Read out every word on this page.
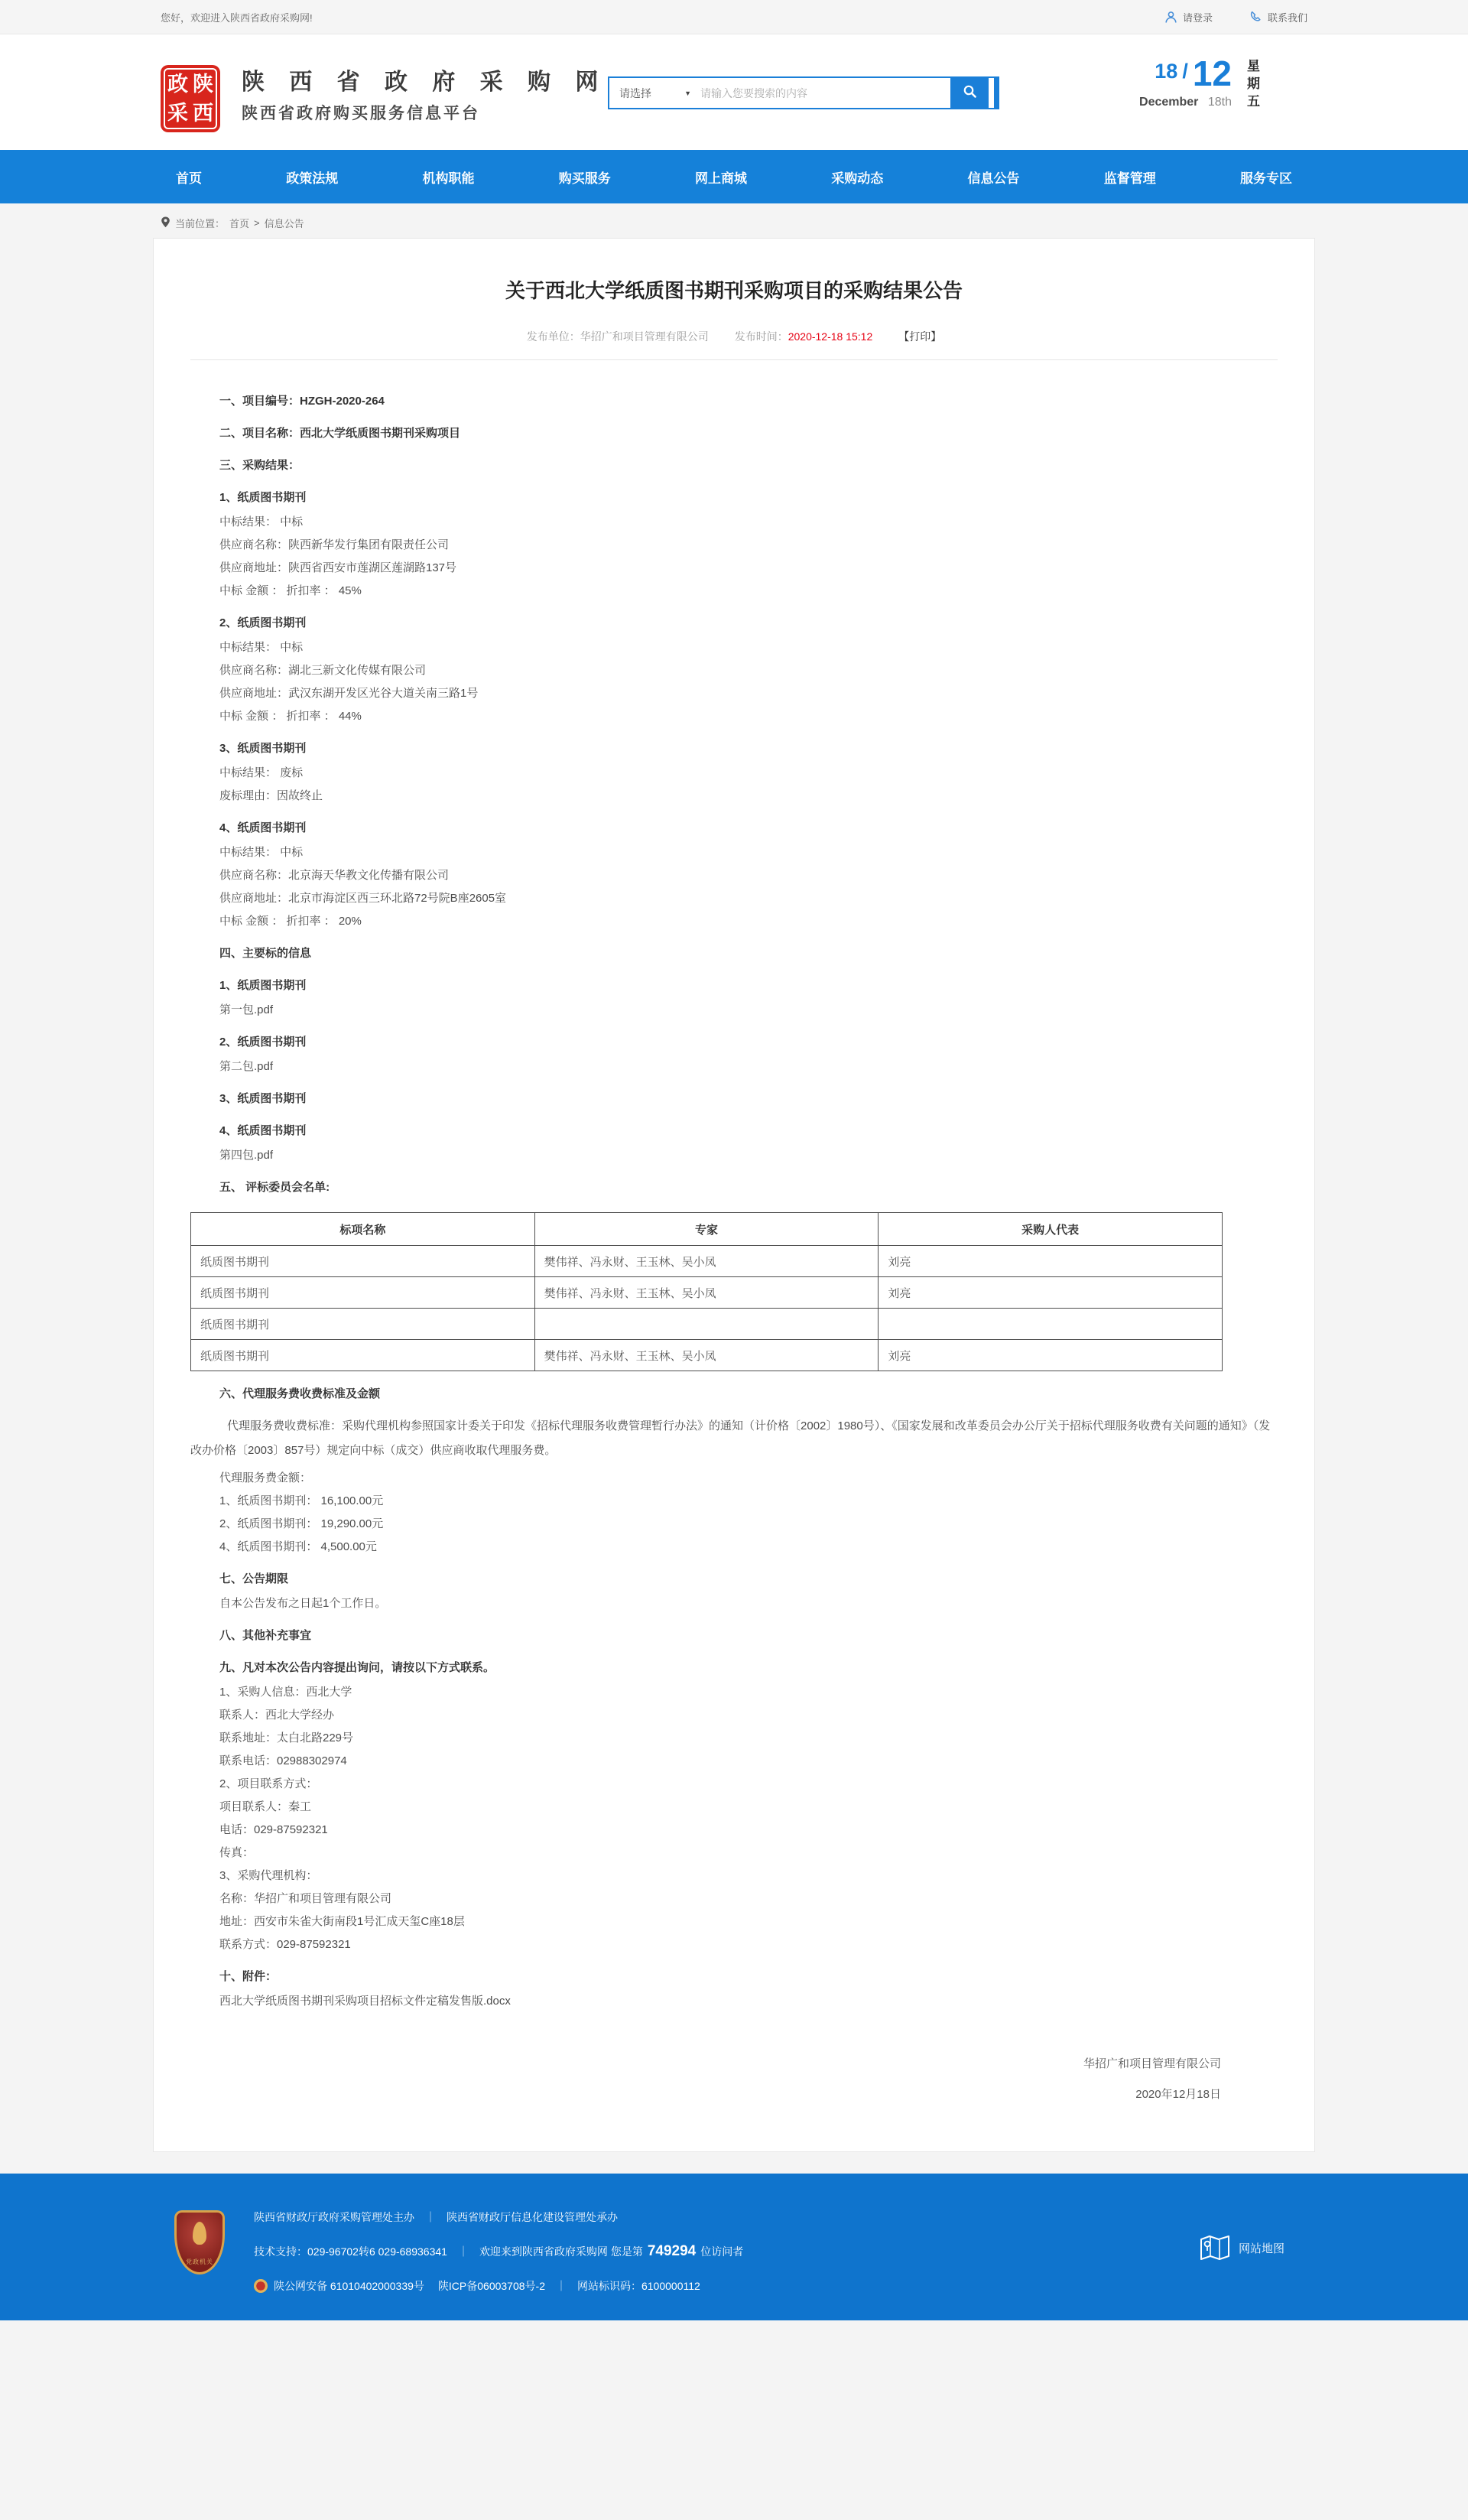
您好，欢迎进入陕西省政府采购网!	请登录	联系我们
政 陕
采 西
陕 西 省 政 府 采 购 网
陕西省政府购买服务信息平台
请选择	▼
请输入您要搜索的内容
18 / 12
December 18th
星
期
五
首页	政策法规	机构职能	购买服务	网上商城	采购动态	信息公告	监督管理	服务专区
当前位置： 首页 > 信息公告
关于西北大学纸质图书期刊采购项目的采购结果公告
发布单位：华招广和项目管理有限公司 发布时间：2020-12-18 15:12 【打印】
一、项目编号：HZGH-2020-264
二、项目名称：西北大学纸质图书期刊采购项目
三、采购结果：
1、纸质图书期刊
中标结果： 中标
供应商名称：陕西新华发行集团有限责任公司
供应商地址：陕西省西安市莲湖区莲湖路137号
中标 金额 ： 折扣率 ： 45%
2、纸质图书期刊
中标结果： 中标
供应商名称：湖北三新文化传媒有限公司
供应商地址：武汉东湖开发区光谷大道关南三路1号
中标 金额 ： 折扣率 ： 44%
3、纸质图书期刊
中标结果： 废标
废标理由：因故终止
4、纸质图书期刊
中标结果： 中标
供应商名称：北京海天华教文化传播有限公司
供应商地址：北京市海淀区西三环北路72号院B座2605室
中标 金额 ： 折扣率 ： 20%
四、主要标的信息
1、纸质图书期刊
第一包.pdf
2、纸质图书期刊
第二包.pdf
3、纸质图书期刊
4、纸质图书期刊
第四包.pdf
五、 评标委员会名单:
标项名称	专家	采购人代表
纸质图书期刊	樊伟祥、冯永财、王玉林、吴小凤	刘亮
纸质图书期刊	樊伟祥、冯永财、王玉林、吴小凤	刘亮
纸质图书期刊		
纸质图书期刊	樊伟祥、冯永财、王玉林、吴小凤	刘亮
六、代理服务费收费标准及金额
代理服务费收费标准：采购代理机构参照国家计委关于印发《招标代理服务收费管理暂行办法》的通知（计价格〔2002〕1980号）、《国家发展和改革委员会办公厅关于招标代理服务收费有关问题的通知》（发改办价格〔2003〕857号）规定向中标（成交）供应商收取代理服务费。
代理服务费金额：
1、纸质图书期刊： 16,100.00元
2、纸质图书期刊： 19,290.00元
4、纸质图书期刊： 4,500.00元
七、公告期限
自本公告发布之日起1个工作日。
八、其他补充事宜
九、凡对本次公告内容提出询问，请按以下方式联系。
1、采购人信息：西北大学
联系人：西北大学经办
联系地址：太白北路229号
联系电话：02988302974
2、项目联系方式：
项目联系人：秦工
电话：029-87592321
传真：
3、采购代理机构：
名称：华招广和项目管理有限公司
地址：西安市朱雀大街南段1号汇成天玺C座18层
联系方式：029-87592321
十、附件：
西北大学纸质图书期刊采购项目招标文件定稿发售版.docx
华招广和项目管理有限公司
2020年12月18日
党政机关
陕西省财政厅政府采购管理处主办	｜	陕西省财政厅信息化建设管理处承办
技术支持：029-96702转6 029-68936341	｜	欢迎来到陕西省政府采购网 您是第 749294 位访问者
陕公网安备 61010402000339号 陕ICP备06003708号-2	｜	网站标识码：6100000112
网站地图
